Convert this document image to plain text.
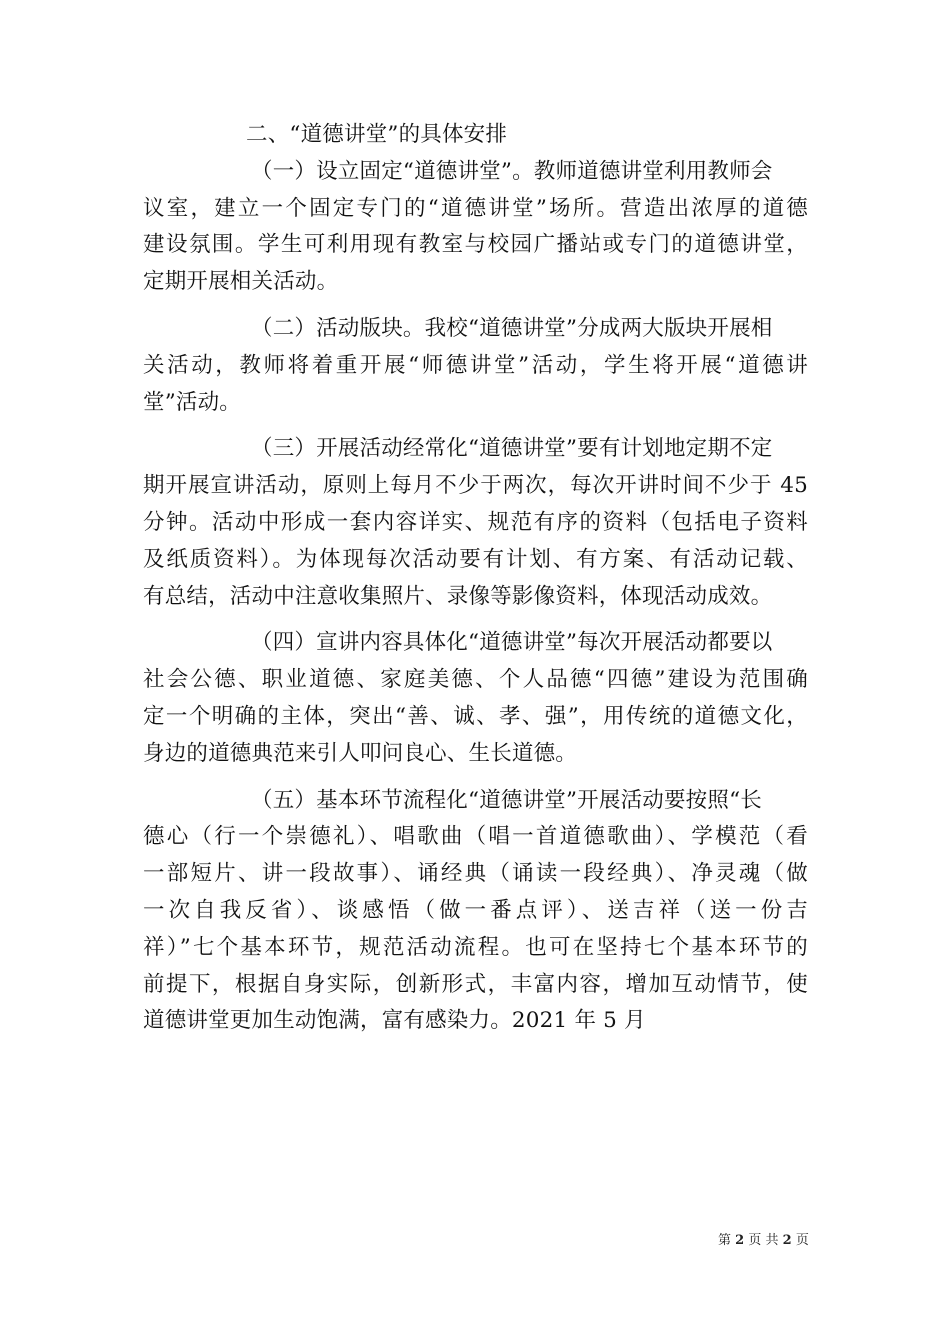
二、“道德讲堂”的具体安排
（一）设立固定“道德讲堂”。教师道德讲堂利用教师会
议室，建立一个固定专门的“道德讲堂”场所。营造出浓厚的道德
建设氛围。学生可利用现有教室与校园广播站或专门的道德讲堂，
定期开展相关活动。
（二）活动版块。我校“道德讲堂”分成两大版块开展相
关活动，教师将着重开展“师德讲堂”活动，学生将开展“道德讲
堂”活动。
（三）开展活动经常化“道德讲堂”要有计划地定期不定
期开展宣讲活动，原则上每月不少于两次，每次开讲时间不少于 45
分钟。活动中形成一套内容详实、规范有序的资料（包括电子资料
及纸质资料）。为体现每次活动要有计划、有方案、有活动记载、
有总结，活动中注意收集照片、录像等影像资料，体现活动成效。
（四）宣讲内容具体化“道德讲堂”每次开展活动都要以
社会公德、职业道德、家庭美德、个人品德“四德”建设为范围确
定一个明确的主体，突出“善、诚、孝、强”，用传统的道德文化，
身边的道德典范来引人叩问良心、生长道德。
（五）基本环节流程化“道德讲堂”开展活动要按照“长
德心（行一个崇德礼）、唱歌曲（唱一首道德歌曲）、学模范（看
一部短片、讲一段故事）、诵经典（诵读一段经典）、净灵魂（做
一次自我反省）、谈感悟（做一番点评）、送吉祥（送一份吉
祥）”七个基本环节，规范活动流程。也可在坚持七个基本环节的
前提下，根据自身实际，创新形式，丰富内容，增加互动情节，使
道德讲堂更加生动饱满，富有感染力。2021 年 5 月
第 2 页 共 2 页
